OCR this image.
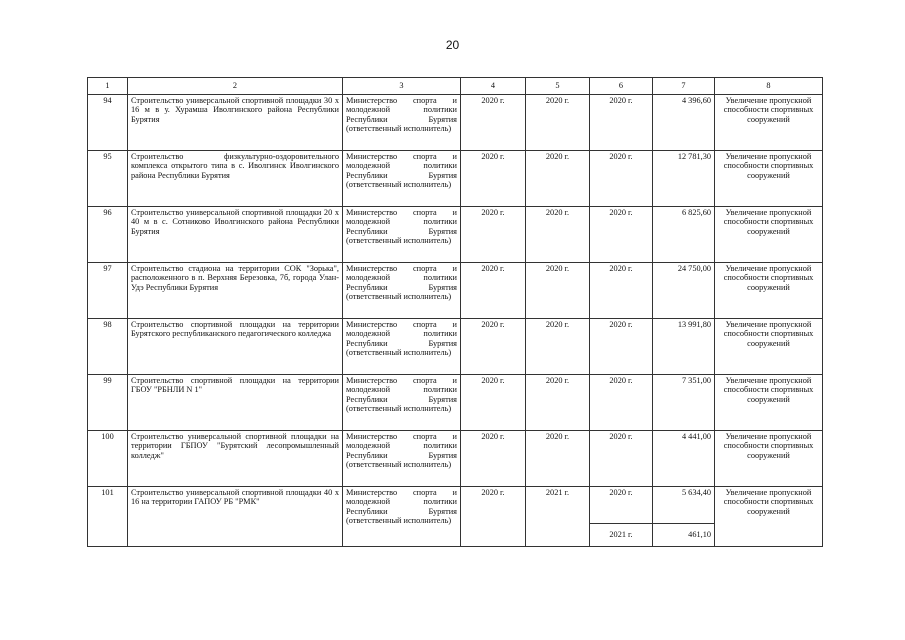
20
1	2	3	4	5	6	7	8
94	Строительство универсальной спортивной площадки 30 х 16 м в у. Хурамша Иволгинского района Республики Бурятия	Министерство спорта и молодежной политики Республики Бурятия (ответственный исполнитель)	2020 г.	2020 г.	2020 г.	4 396,60	Увеличение пропускной способности спортивных сооружений
95	Строительство физкультурно-оздоровительного комплекса открытого типа в с. Иволгинск Иволгинского района Республики Бурятия	Министерство спорта и молодежной политики Республики Бурятия (ответственный исполнитель)	2020 г.	2020 г.	2020 г.	12 781,30	Увеличение пропускной способности спортивных сооружений
96	Строительство универсальной спортивной площадки 20 х 40 м в с. Сотниково Иволгинского района Республики Бурятия	Министерство спорта и молодежной политики Республики Бурятия (ответственный исполнитель)	2020 г.	2020 г.	2020 г.	6 825,60	Увеличение пропускной способности спортивных сооружений
97	Строительство стадиона на территории СОК "Зорька", расположенного в п. Верхняя Березовка, 7б, города Улан-Удэ Республики Бурятия	Министерство спорта и молодежной политики Республики Бурятия (ответственный исполнитель)	2020 г.	2020 г.	2020 г.	24 750,00	Увеличение пропускной способности спортивных сооружений
98	Строительство спортивной площадки на территории Бурятского республиканского педагогического колледжа	Министерство спорта и молодежной политики Республики Бурятия (ответственный исполнитель)	2020 г.	2020 г.	2020 г.	13 991,80	Увеличение пропускной способности спортивных сооружений
99	Строительство спортивной площадки на территории ГБОУ "РБНЛИ N 1"	Министерство спорта и молодежной политики Республики Бурятия (ответственный исполнитель)	2020 г.	2020 г.	2020 г.	7 351,00	Увеличение пропускной способности спортивных сооружений
100	Строительство универсальной спортивной площадки на территории ГБПОУ "Бурятский лесопромышленный колледж"	Министерство спорта и молодежной политики Республики Бурятия (ответственный исполнитель)	2020 г.	2020 г.	2020 г.	4 441,00	Увеличение пропускной способности спортивных сооружений
101	Строительство универсальной спортивной площадки 40 х 16 на территории ГАПОУ РБ "РМК"	Министерство спорта и молодежной политики Республики Бурятия (ответственный исполнитель)	2020 г.	2021 г.	2020 г.	5 634,40	Увеличение пропускной способности спортивных сооружений
					2021 г.	461,10	
